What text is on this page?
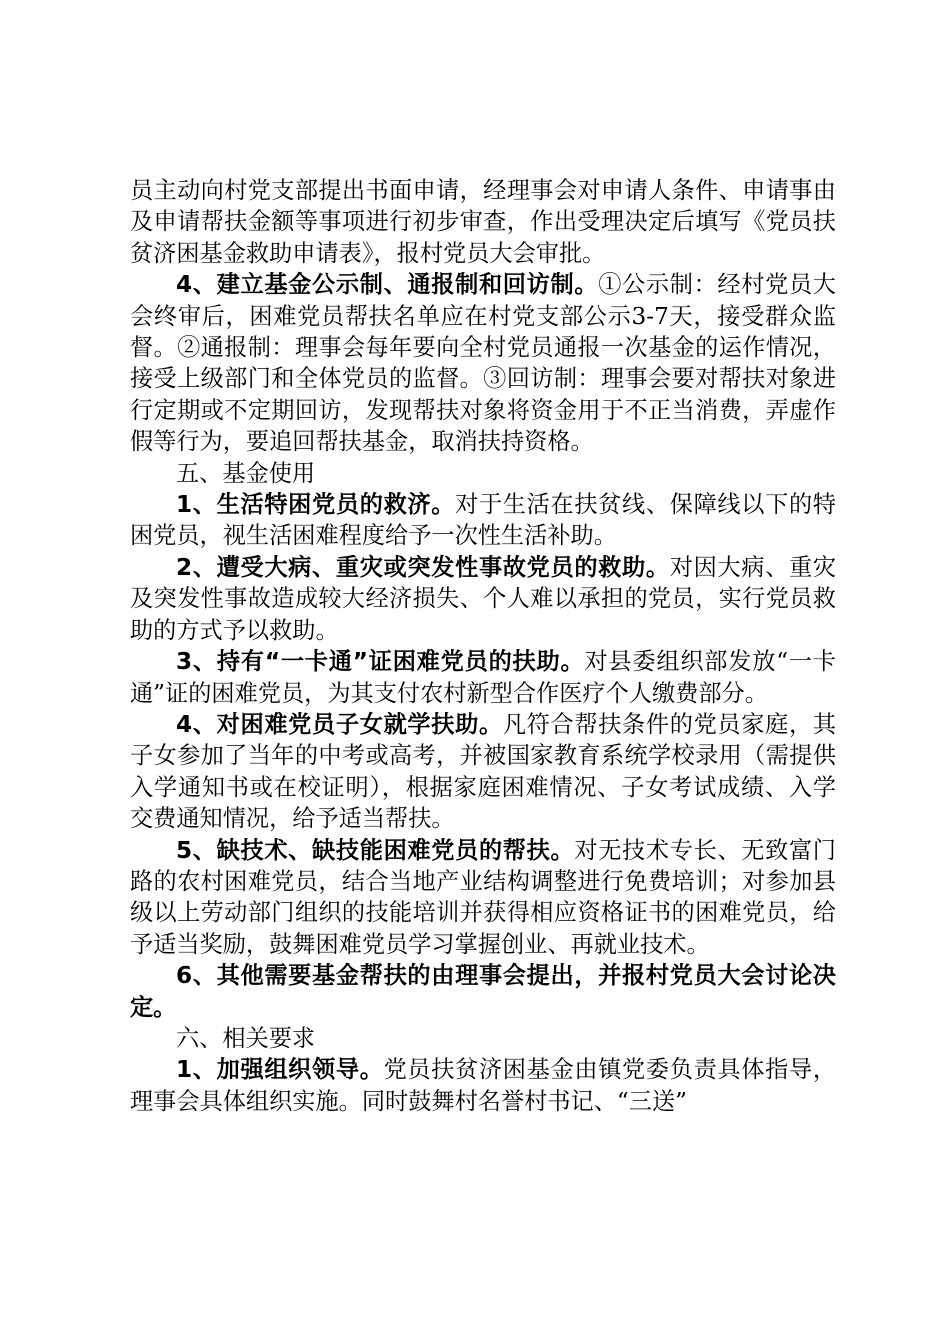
员主动向村党支部提出书面申请，经理事会对申请人条件、申请事由及申请帮扶金额等事项进行初步审查，作出受理决定后填写《党员扶贫济困基金救助申请表》，报村党员大会审批。

4、建立基金公示制、通报制和回访制。①公示制：经村党员大会终审后，困难党员帮扶名单应在村党支部公示3-7天，接受群众监督。②通报制：理事会每年要向全村党员通报一次基金的运作情况，接受上级部门和全体党员的监督。③回访制：理事会要对帮扶对象进行定期或不定期回访，发现帮扶对象将资金用于不正当消费，弄虚作假等行为，要追回帮扶基金，取消扶持资格。

五、基金使用

1、生活特困党员的救济。对于生活在扶贫线、保障线以下的特困党员，视生活困难程度给予一次性生活补助。

2、遭受大病、重灾或突发性事故党员的救助。对因大病、重灾及突发性事故造成较大经济损失、个人难以承担的党员，实行党员救助的方式予以救助。

3、持有“一卡通”证困难党员的扶助。对县委组织部发放“一卡通”证的困难党员，为其支付农村新型合作医疗个人缴费部分。

4、对困难党员子女就学扶助。凡符合帮扶条件的党员家庭，其子女参加了当年的中考或高考，并被国家教育系统学校录用（需提供入学通知书或在校证明），根据家庭困难情况、子女考试成绩、入学交费通知情况，给予适当帮扶。

5、缺技术、缺技能困难党员的帮扶。对无技术专长、无致富门路的农村困难党员，结合当地产业结构调整进行免费培训；对参加县级以上劳动部门组织的技能培训并获得相应资格证书的困难党员，给予适当奖励，鼓舞困难党员学习掌握创业、再就业技术。

6、其他需要基金帮扶的由理事会提出，并报村党员大会讨论决定。

六、相关要求

1、加强组织领导。党员扶贫济困基金由镇党委负责具体指导，理事会具体组织实施。同时鼓舞村名誉村书记、“三送”
